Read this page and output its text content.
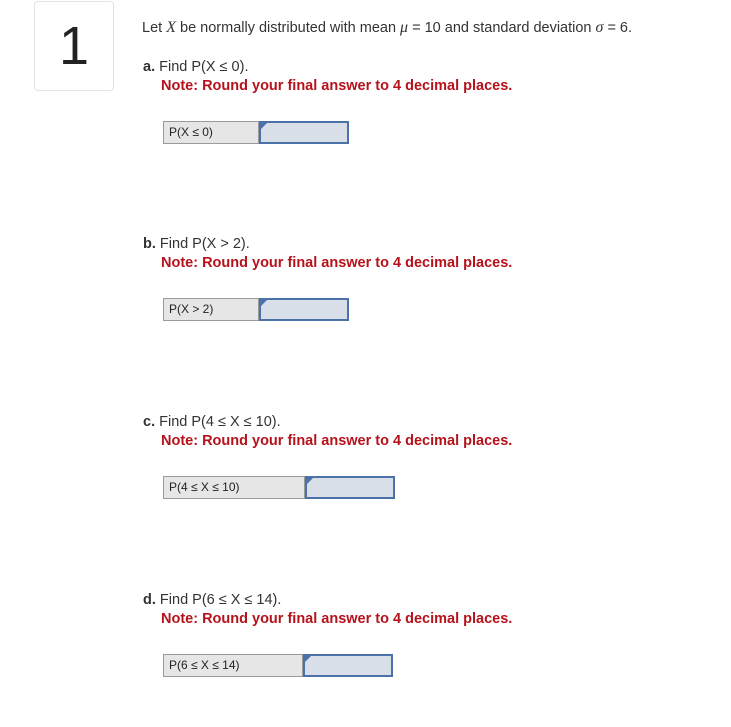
1	Let X be normally distributed with mean μ = 10 and standard deviation σ = 6.
a. Find P(X ≤ 0).
Note: Round your final answer to 4 decimal places.
P(X ≤ 0)
b. Find P(X > 2).
Note: Round your final answer to 4 decimal places.
P(X > 2)
c. Find P(4 ≤ X ≤ 10).
Note: Round your final answer to 4 decimal places.
P(4 ≤ X ≤ 10)
d. Find P(6 ≤ X ≤ 14).
Note: Round your final answer to 4 decimal places.
P(6 ≤ X ≤ 14)
